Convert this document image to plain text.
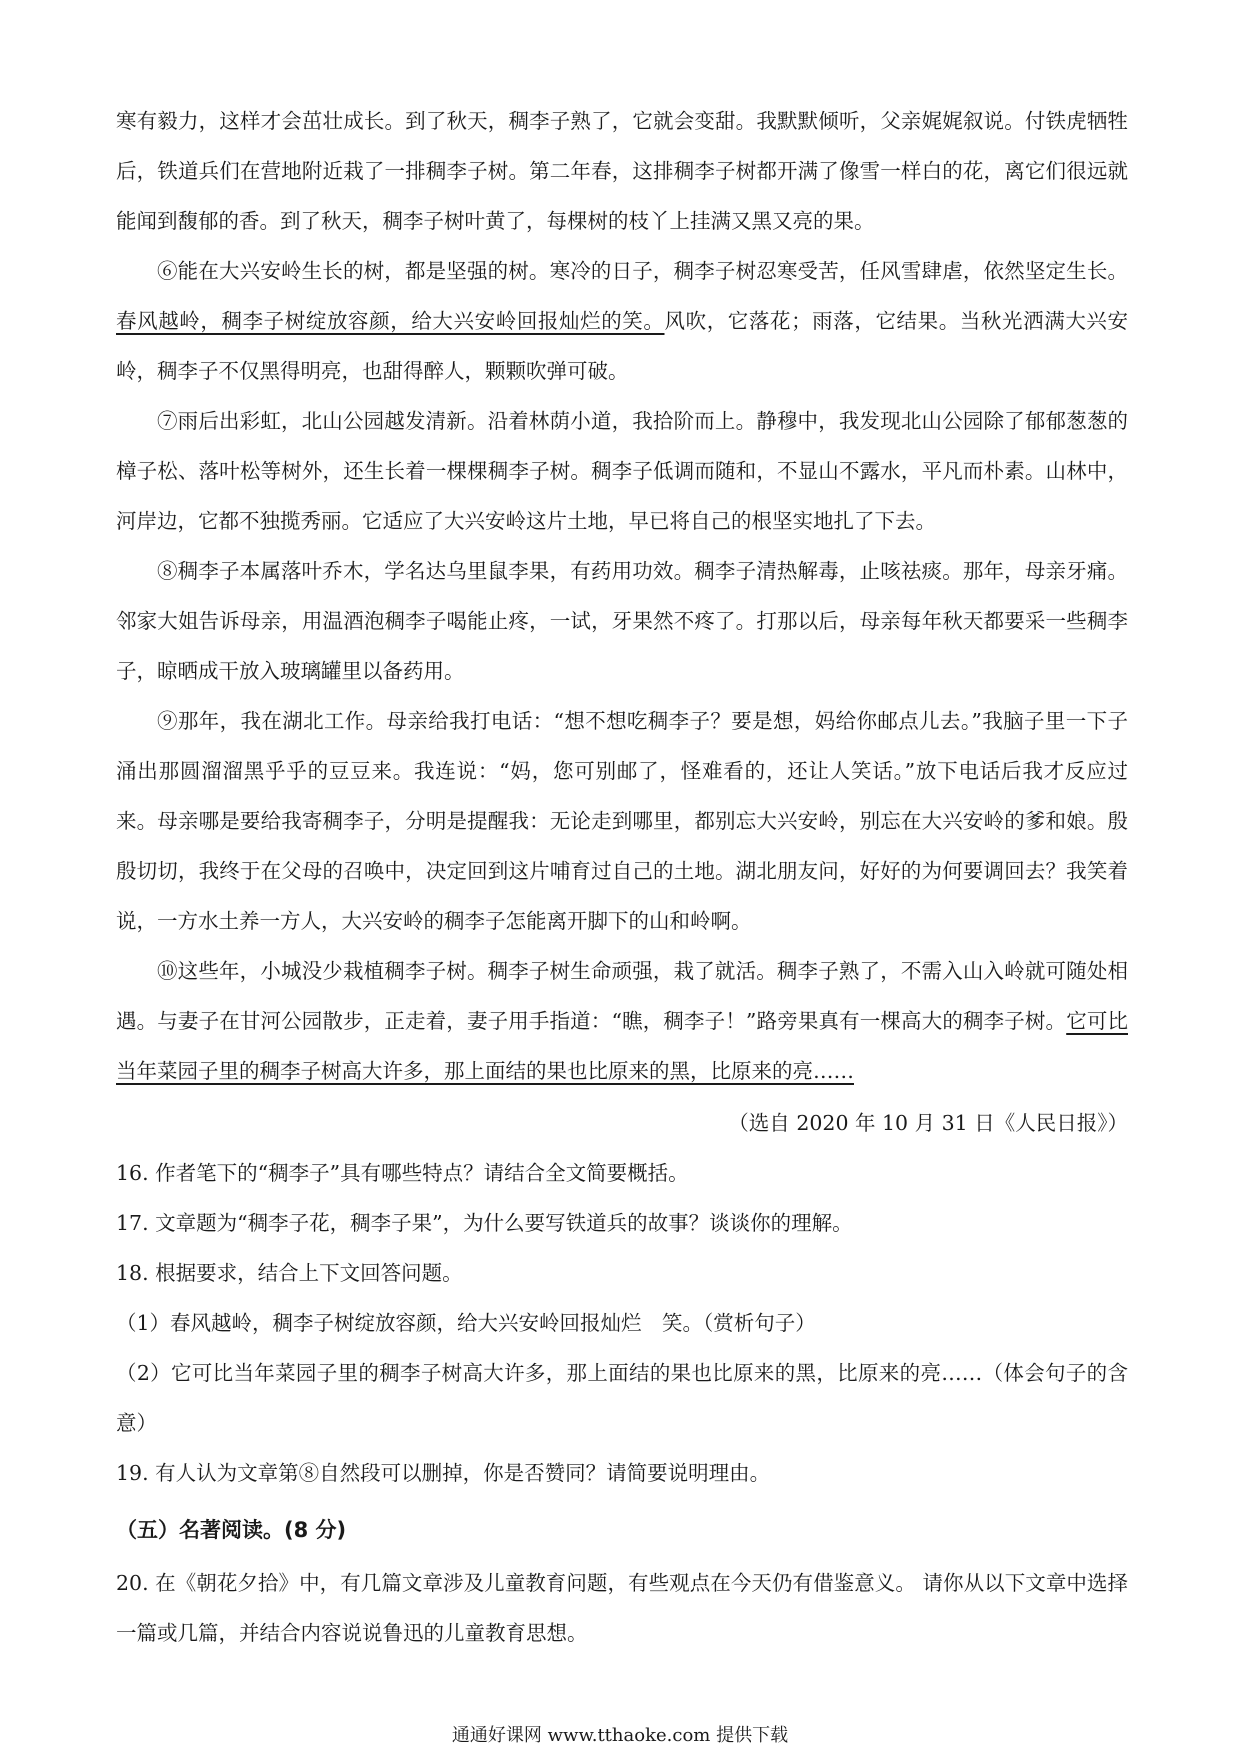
寒有毅力，这样才会茁壮成长。到了秋天，稠李子熟了，它就会变甜。我默默倾听，父亲娓娓叙说。付铁虎牺牲后，铁道兵们在营地附近栽了一排稠李子树。第二年春，这排稠李子树都开满了像雪一样白的花，离它们很远就能闻到馥郁的香。到了秋天，稠李子树叶黄了，每棵树的枝丫上挂满又黑又亮的果。

⑥能在大兴安岭生长的树，都是坚强的树。寒冷的日子，稠李子树忍寒受苦，任风雪肆虐，依然坚定生长。春风越岭，稠李子树绽放容颜，给大兴安岭回报灿烂的笑。风吹，它落花；雨落，它结果。当秋光洒满大兴安岭，稠李子不仅黑得明亮，也甜得醉人，颗颗吹弹可破。

⑦雨后出彩虹，北山公园越发清新。沿着林荫小道，我拾阶而上。静穆中，我发现北山公园除了郁郁葱葱的樟子松、落叶松等树外，还生长着一棵棵稠李子树。稠李子低调而随和，不显山不露水，平凡而朴素。山林中，河岸边，它都不独揽秀丽。它适应了大兴安岭这片土地，早已将自己的根坚实地扎了下去。

⑧稠李子本属落叶乔木，学名达乌里鼠李果，有药用功效。稠李子清热解毒，止咳祛痰。那年，母亲牙痛。邻家大姐告诉母亲，用温酒泡稠李子喝能止疼，一试，牙果然不疼了。打那以后，母亲每年秋天都要采一些稠李子，晾晒成干放入玻璃罐里以备药用。

⑨那年，我在湖北工作。母亲给我打电话：“想不想吃稠李子？要是想，妈给你邮点儿去。”我脑子里一下子涌出那圆溜溜黑乎乎的豆豆来。我连说：“妈，您可别邮了，怪难看的，还让人笑话。”放下电话后我才反应过来。母亲哪是要给我寄稠李子，分明是提醒我：无论走到哪里，都别忘大兴安岭，别忘在大兴安岭的爹和娘。殷殷切切，我终于在父母的召唤中，决定回到这片哺育过自己的土地。湖北朋友问，好好的为何要调回去？我笑着说，一方水土养一方人，大兴安岭的稠李子怎能离开脚下的山和岭啊。

⑩这些年，小城没少栽植稠李子树。稠李子树生命顽强，栽了就活。稠李子熟了，不需入山入岭就可随处相遇。与妻子在甘河公园散步，正走着，妻子用手指道：“瞧，稠李子！”路旁果真有一棵高大的稠李子树。它可比当年菜园子里的稠李子树高大许多，那上面结的果也比原来的黑，比原来的亮……

（选自 2020 年 10 月 31 日《人民日报》）

16. 作者笔下的“稠李子”具有哪些特点？请结合全文简要概括。

17. 文章题为“稠李子花，稠李子果”，为什么要写铁道兵的故事？谈谈你的理解。

18. 根据要求，结合上下文回答问题。

（1）春风越岭，稠李子树绽放容颜，给大兴安岭回报灿烂　笑。（赏析句子）

（2）它可比当年菜园子里的稠李子树高大许多，那上面结的果也比原来的黑，比原来的亮……（体会句子的含意）

19. 有人认为文章第⑧自然段可以删掉，你是否赞同？请简要说明理由。

（五）名著阅读。(8 分)

20. 在《朝花夕拾》中，有几篇文章涉及儿童教育问题，有些观点在今天仍有借鉴意义。 请你从以下文章中选择一篇或几篇，并结合内容说说鲁迅的儿童教育思想。

通通好课网 www.tthaoke.com 提供下载
